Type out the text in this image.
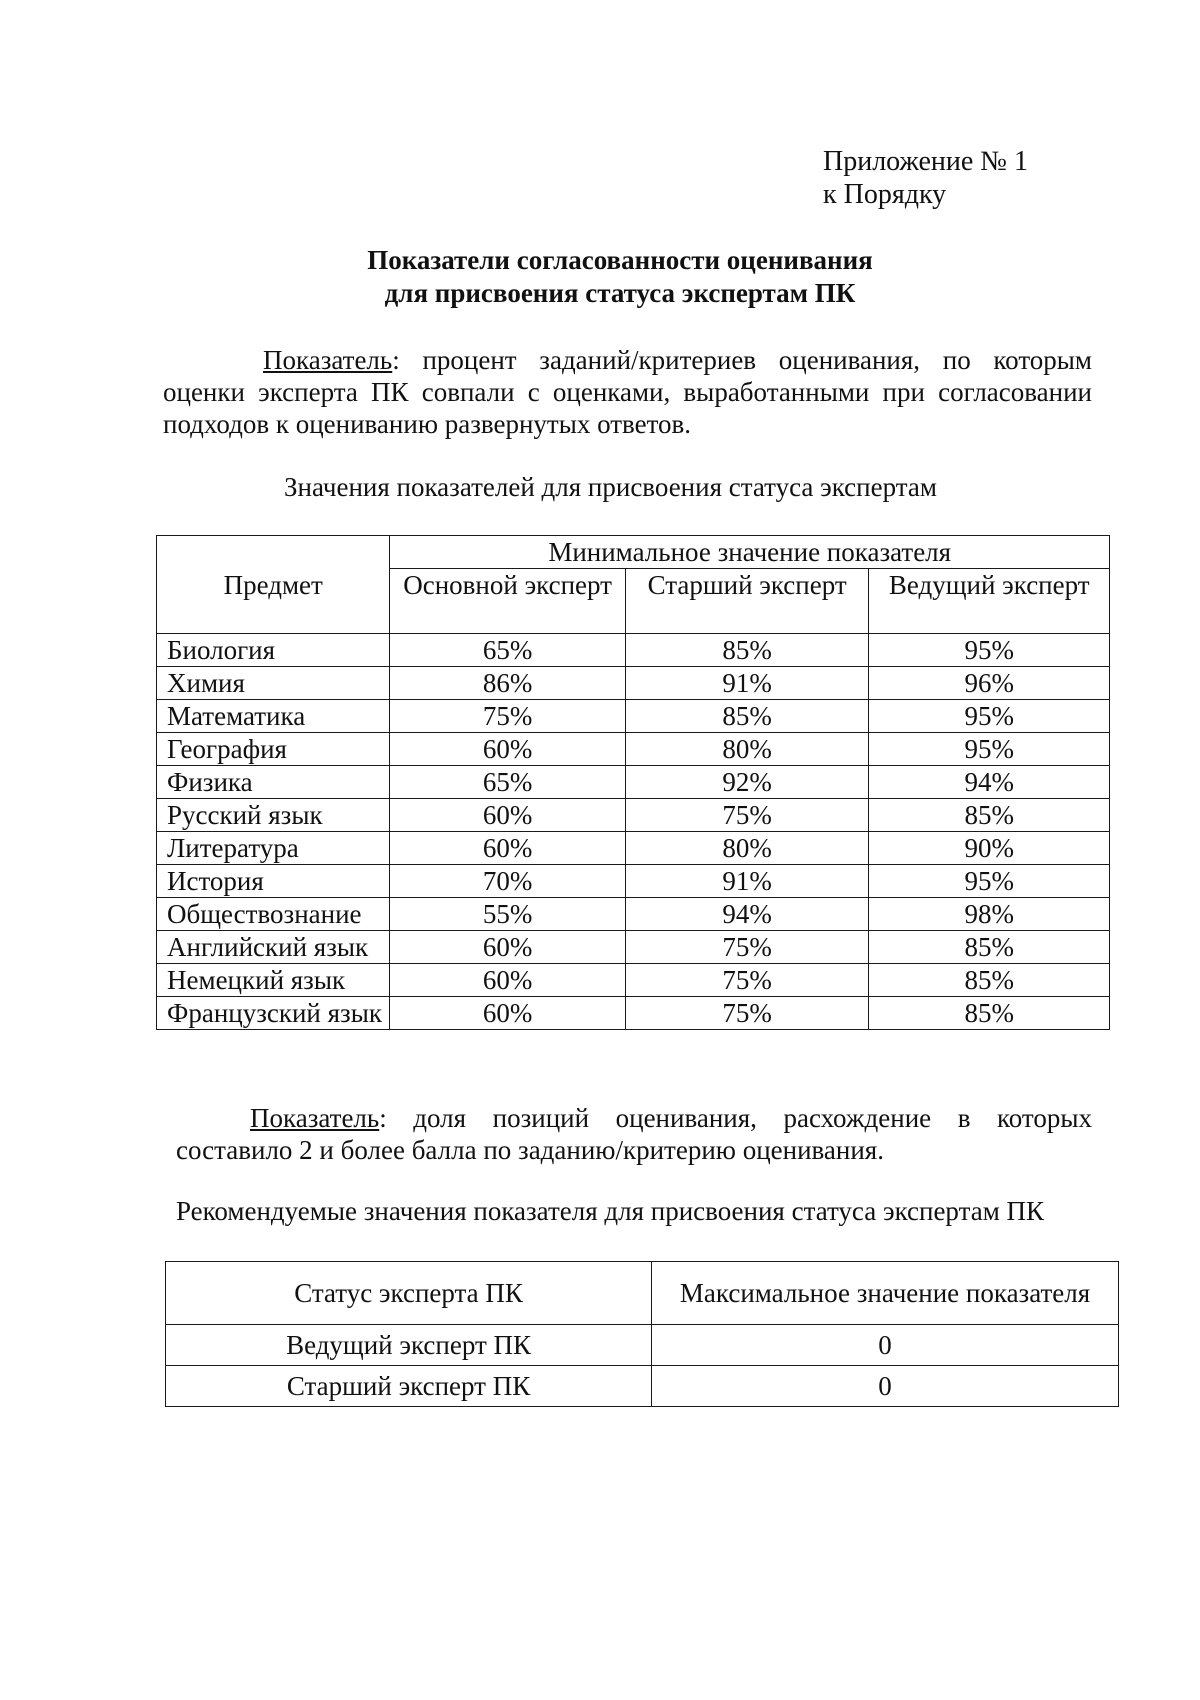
Приложение № 1
к Порядку
Показатели согласованности оценивания
для присвоения статуса экспертам ПК
Показатель: процент заданий/критериев оценивания, по которым оценки эксперта ПК совпали с оценками, выработанными при согласовании подходов к оцениванию развернутых ответов.
Значения показателей для присвоения статуса экспертам
Предмет	Минимальное значение показателя		
	Основной эксперт	Старший эксперт	Ведущий эксперт
Биология	65%	85%	95%
Химия	86%	91%	96%
Математика	75%	85%	95%
География	60%	80%	95%
Физика	65%	92%	94%
Русский язык	60%	75%	85%
Литература	60%	80%	90%
История	70%	91%	95%
Обществознание	55%	94%	98%
Английский язык	60%	75%	85%
Немецкий язык	60%	75%	85%
Французский язык	60%	75%	85%
Показатель: доля позиций оценивания, расхождение в которых составило 2 и более балла по заданию/критерию оценивания.
Рекомендуемые значения показателя для присвоения статуса экспертам ПК
Статус эксперта ПК	Максимальное значение показателя
Ведущий эксперт ПК	0
Старший эксперт ПК	0
